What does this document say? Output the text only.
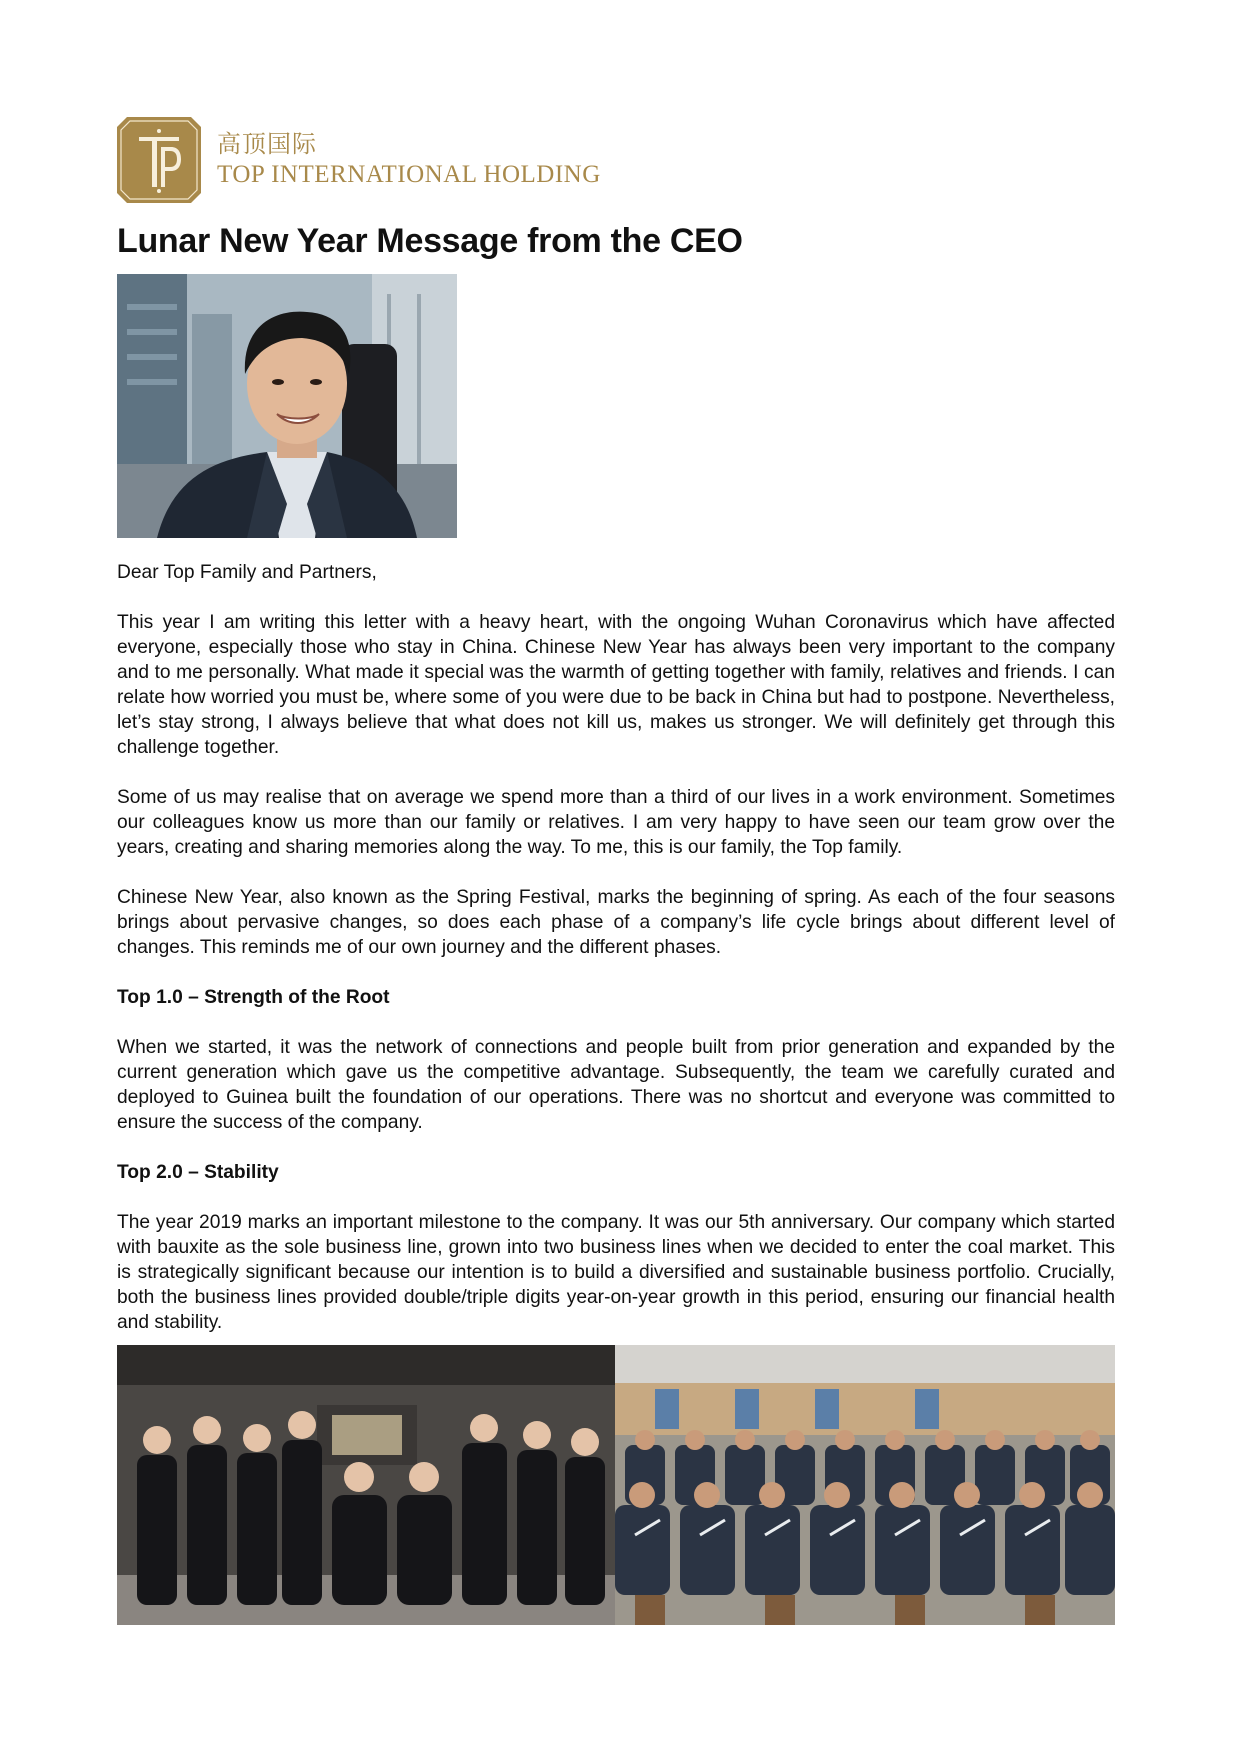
高顶国际
TOP INTERNATIONAL HOLDING
Lunar New Year Message from the CEO

Dear Top Family and Partners,

This year I am writing this letter with a heavy heart, with the ongoing Wuhan Coronavirus which have affected everyone, especially those who stay in China. Chinese New Year has always been very important to the company and to me personally. What made it special was the warmth of getting together with family, relatives and friends. I can relate how worried you must be, where some of you were due to be back in China but had to postpone. Nevertheless, let’s stay strong, I always believe that what does not kill us, makes us stronger. We will definitely get through this challenge together.

Some of us may realise that on average we spend more than a third of our lives in a work environment. Sometimes our colleagues know us more than our family or relatives. I am very happy to have seen our team grow over the years, creating and sharing memories along the way. To me, this is our family, the Top family.

Chinese New Year, also known as the Spring Festival, marks the beginning of spring. As each of the four seasons brings about pervasive changes, so does each phase of a company’s life cycle brings about different level of changes. This reminds me of our own journey and the different phases.

Top 1.0 – Strength of the Root

When we started, it was the network of connections and people built from prior generation and expanded by the current generation which gave us the competitive advantage. Subsequently, the team we carefully curated and deployed to Guinea built the foundation of our operations. There was no shortcut and everyone was committed to ensure the success of the company.

Top 2.0 – Stability

The year 2019 marks an important milestone to the company. It was our 5th anniversary. Our company which started with bauxite as the sole business line, grown into two business lines when we decided to enter the coal market. This is strategically significant because our intention is to build a diversified and sustainable business portfolio. Crucially, both the business lines provided double/triple digits year-on-year growth in this period, ensuring our financial health and stability.
